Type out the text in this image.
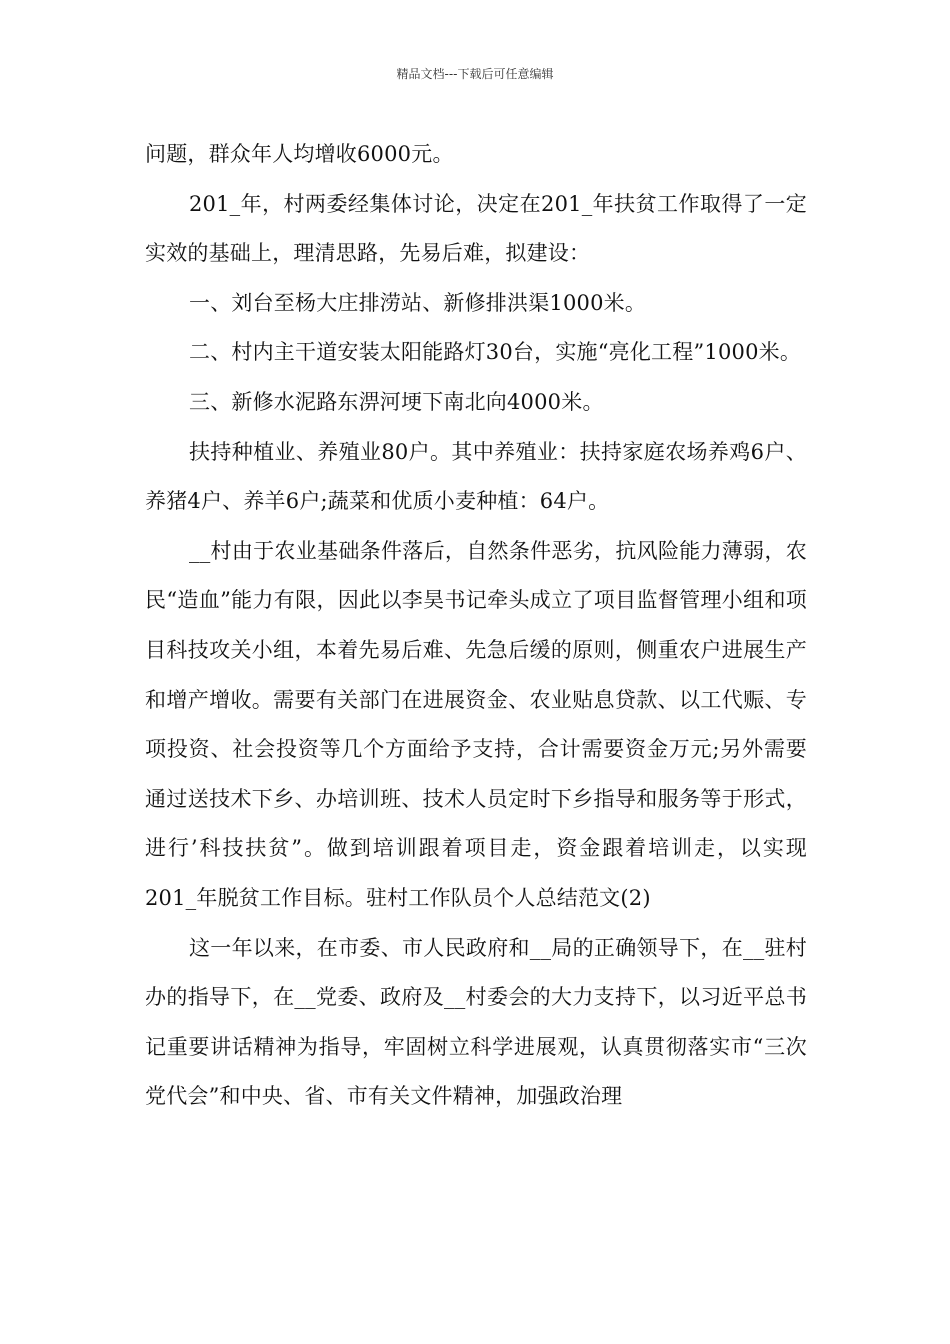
精品文档---下载后可任意编辑

问题，群众年人均增收6000元。

201_年，村两委经集体讨论，决定在201_年扶贫工作取得了一定实效的基础上，理清思路，先易后难，拟建设：

一、刘台至杨大庄排涝站、新修排洪渠1000米。

二、村内主干道安装太阳能路灯30台，实施“亮化工程”1000米。

三、新修水泥路东淠河埂下南北向4000米。

扶持种植业、养殖业80户。其中养殖业：扶持家庭农场养鸡6户、养猪4户、养羊6户;蔬菜和优质小麦种植：64户。

__村由于农业基础条件落后，自然条件恶劣，抗风险能力薄弱，农民“造血”能力有限，因此以李昊书记牵头成立了项目监督管理小组和项目科技攻关小组，本着先易后难、先急后缓的原则，侧重农户进展生产和增产增收。需要有关部门在进展资金、农业贴息贷款、以工代赈、专项投资、社会投资等几个方面给予支持，合计需要资金万元;另外需要通过送技术下乡、办培训班、技术人员定时下乡指导和服务等于形式，进行’科技扶贫”。做到培训跟着项目走，资金跟着培训走，以实现201_年脱贫工作目标。驻村工作队员个人总结范文(2)

这一年以来，在市委、市人民政府和__局的正确领导下，在__驻村办的指导下，在__党委、政府及__村委会的大力支持下，以习近平总书记重要讲话精神为指导，牢固树立科学进展观，认真贯彻落实市“三次党代会”和中央、省、市有关文件精神，加强政治理
